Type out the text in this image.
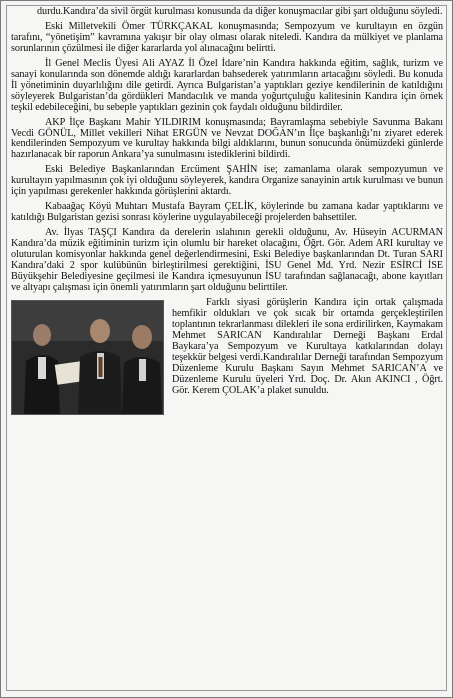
durdu.Kandıra’da sivil örgüt kurulması konusunda da diğer konuşmacılar gibi şart olduğunu söyledi.

Eski Milletvekili Ömer TÜRKÇAKAL konuşmasında; Sempozyum ve kurultayın en özgün tarafını, “yönetişim” kavramına yakışır bir olay olması olarak niteledi. Kandıra da mülkiyet ve planlama sorunlarının çözülmesi ile diğer kararlarda yol alınacağını belirtti.

İl Genel Meclis Üyesi Ali AYAZ İl Özel İdare’nin Kandıra hakkında eğitim, sağlık, turizm ve sanayi konularında son dönemde aldığı kararlardan bahsederek yatırımların artacağını söyledi. Bu konuda İl yönetiminin duyarlılığını dile getirdi. Ayrıca Bulgaristan’a yaptıkları geziye kendilerinin de katıldığını söyleyerek Bulgaristan’da gördükleri Mandacılık ve manda yoğurtçuluğu kalitesinin Kandıra için örnek teşkil edebileceğini, bu sebeple yaptıkları gezinin çok faydalı olduğunu bildirdiler.

AKP İlçe Başkanı Mahir YILDIRIM konuşmasında; Bayramlaşma sebebiyle Savunma Bakanı Vecdi GÖNÜL, Millet vekilleri Nihat ERGÜN ve Nevzat DOĞAN’ın İlçe başkanlığı’nı ziyaret ederek kendilerinden Sempozyum ve kurultay hakkında bilgi aldıklarını, bunun sonucunda önümüzdeki günlerde hazırlanacak bir raporun Ankara’ya sunulmasını istediklerini bildirdi.

Eski Belediye Başkanlarından Ercüment ŞAHİN ise; zamanlama olarak sempozyumun ve kurultayın yapılmasının çok iyi olduğunu söyleyerek, kandıra Organize sanayinin artık kurulması ve bunun için yapılması gerekenler hakkında görüşlerini aktardı.

Kabaağaç Köyü Muhtarı Mustafa Bayram ÇELİK, köylerinde bu zamana kadar yaptıklarını ve katıldığı Bulgaristan gezisi sonrası köylerine uygulayabileceği projelerden bahsettiler.

Av. İlyas TAŞÇI Kandıra da derelerin ıslahının gerekli olduğunu, Av. Hüseyin ACURMAN Kandıra’da müzik eğitiminin turizm için olumlu bir hareket olacağını, Öğrt. Gör. Adem ARI kurultay ve oluturulan komisyonlar hakkında genel değerlendirmesini, Eski Belediye başkanlarından Dt. Turan SARI Kandıra’daki 2 spor kulübünün birleştirilmesi gerektiğini, İSU Genel Md. Yrd. Nezir ESİRCİ İSE Büyükşehir Belediyesine geçilmesi ile Kandıra içmesuyunun İSU tarafından sağlanacağı, abone kayıtları ve altyapı çalışması için önemli yatırımların şart olduğunu belirttiler.

Farklı siyasi görüşlerin Kandıra için ortak çalışmada hemfikir oldukları ve çok sıcak bir ortamda gerçekleştirilen toplantının tekrarlanması dilekleri ile sona erdirilirken, Kaymakam Mehmet SARICAN Kandıralılar Derneği Başkanı Erdal Baykara’ya Sempozyum ve Kurultaya katkılarından dolayı teşekkür belgesi verdi.Kandıralılar Derneği tarafından Sempozyum Düzenleme Kurulu Başkanı Sayın Mehmet SARICAN’A ve Düzenleme Kurulu üyeleri Yrd. Doç. Dr. Akın AKINCI , Öğrt. Gör. Kerem ÇOLAK’a plaket sunuldu.
